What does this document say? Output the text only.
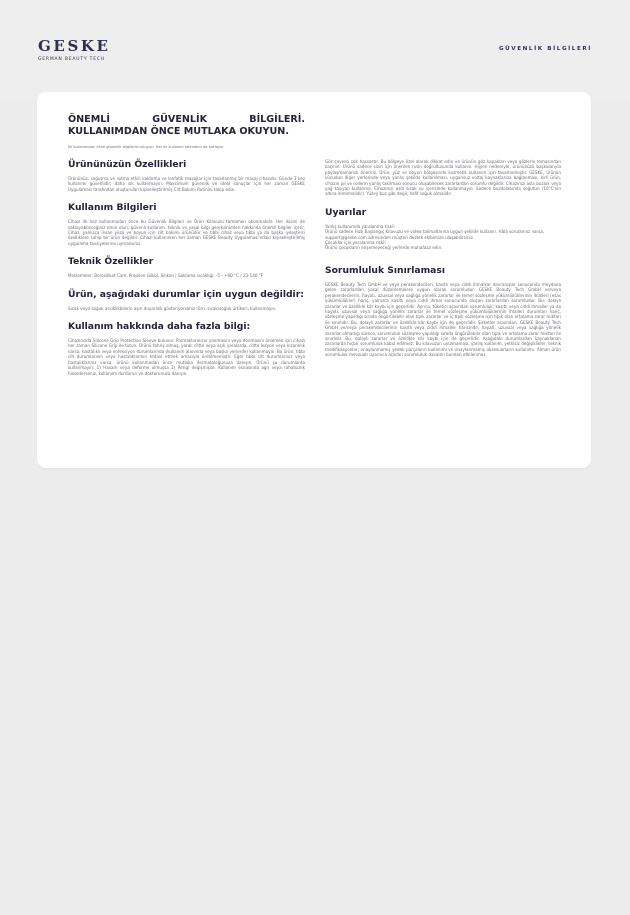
GESKE
GERMAN BEAUTY TECH
GÜVENLİK BİLGİLERİ
ÖNEMLİ GÜVENLİK BİLGİLERİ. KULLANIMDAN ÖNCE MUTLAKA OKUYUN.

İlk kullanımdan önce güvenlik bilgilerini okuyun. Her iki kullanım talimatını da saklayın.

Ürününüzün Özellikleri

Ürününüz, soğutma ve ısıtma etkili kaldırma ve lenfatik masajlar için tasarlanmış bir masaj cihazıdır. Günde 3 kez kullanımı güvenlidir; daha sık kullanmayın. Maksimum güvenlik ve ideal sonuçlar için her zaman GESKE Uygulaması tarafından oluşturulan kişiselleştirilmiş Cilt Bakımı Rutinini takip edin.

Kullanım Bilgileri

Cihazı ilk kez kullanmadan önce bu Güvenlik Bilgileri ve Ürün Kılavuzu tamamen okunmalıdır. Her ikisini de saklayabileceğiniz emin olun; güvenli kullanım, teknik ve yasal bilgi gereksinimleri hakkında önemli bilgiler içerir. Cihaz, yalnızca insan yüzü ve boyun için cilt bakımı ürünüdür ve tıbbi cihaz veya tıbbi ya da başka iyileştirici özelliklere sahip bir ürün değildir. Cihazı kullanırken her zaman GESKE Beauty Uygulaması'ndaki kişiselleştirilmiş uygulama tavsiyelerine uymalısınız.

Teknik Özellikler

Malzemeler: Borosilikat Cam, Propilen Glikol, Silikon | Saklama sıcaklığı: -5 - +60 °C / 23-140 °F

Ürün, aşağıdaki durumlar için uygun değildir:

Sıcak veya soğuk assiklikbilerin aşırı duyarlılık gösteriyorsanız (örn. sıcak/soğuk ürtiker), kullanmayın.

Kullanım hakkında daha fazla bilgi:

Cihazınızda Silicone Grip Protection Sleeve bulunur. Parmaklarınızın yanmasını veya donmasını önlemek için cihazı her zaman Silicone Grip ile tutun. Ürünü tahriş olmuş, yaralı ciltte veya açık yaralarda, ciltte lezyon veya kızarıklık varsa, hastalıklı veya enfeksiyon durumlarında (kullanım alanında veya başka yerlerde) kullanmayın. Bu ürün, tıbbi cilt durumlarının veya hastalıklarının tedavi etmek amacıyla üretilmemiştir. Eğer tıbbi cilt durumlarınız veya hastalıklarınız varsa, ürünü kullanmadan önce mutlaka dermatoloğunuza danışın. Ürünü şu durumlarda kullanmayın: 1) Hasarlı veya deforme olmuşsa 2) Rengi değişmişse. Kullanım esnasında ağrı veya rahatsızlık hissederseniz, kullanımı durdurun ve doktorunuza danışın.

Göz çevresi çok hassastır. Bu bölgeye özel olarak dikkat edin ve ürünün göz kapakları veya gözlerle temasından kaçının. Ürünü sadece sizin için önerilen rutin doğrultusunda kullanın. Hijyen nedeniyle, ürününüzü başkalarıyla paylaşmamanızı öneririz. Ürün, yüz ve boyun bölgesinde kozmetik kullanım için tasarlanmıştır. GESKE, ürünün vücudun diğer yerlerinde veya yanlış şekilde kullanılması, uygunsuz voltaj kaynaklarına bağlanması, kirli ürün, cihazın pil ve rollerin yanlış takılması sonucu oluşabilecek zararlardan sorumlu değildir. Cihazınızı asla buzluk veya yağ taşıyan kullanma. Cihazınızı asla sıcak su içerisinde kullanmayın. Sadece buzdolabında soğutun (10°C'nin altına inmemelidir). Yüzey buz gibi değil, hafif soğuk olmalıdır.

Uyarılar

Yanlış kullanımda yaralanma riski!

Ürünü sadece Hızlı Başlangıç Kılavuzu ve video talimatlarına uygun şekilde kullanın. Hâlâ sorularınız varsa, support@geske.com adresinden müşteri destek ekibimize ulaşabilirsiniz.

Çocuklar için yaralanma riski!

Ürünü çocukların erişemeyeceği yerlerde muhafaza edin.

Sorumluluk Sınırlaması

GESKE Beauty Tech GmbH ve veya perakendecileri, kasıtlı veya ciddi ihmalkar davranışlar sonucunda meydana gelen zararlardan yasal düzenlemelere uygun olarak sorumludur. GESKE Beauty Tech GmbH ve/veya perakendecilerin, hayati, uzuvsal veya sağlığa yönelik zararlar ile temel sözleşme yükümlülüklerinin ihlalleri (esas yükümlülükler) hariç, yalnızca kasıtlı veya ciddi ihmal sonucunda oluşan zararlardan sorumludur. Bu, dolaylı zararlar ve özellikle kâr kaybı için geçerlidir. Ayrıca, tüketici açısından sorumluluk; kasıtlı veya ciddi ihmaller ya da hayati, uzuvsal veya sağlığa yönelik zararlar ile temel sözleşme yükümlülüklerinin ihlalleri durumları hariç, sözleşme yapıldığı sırada öngörülebilir olan tipik zararlar ve iç tipik sözleşme için tipik olan ortalama zarar miktarı ile sınırlıdır. Bu, dolaylı zararlar ve özellikle kâr kaybı için de geçerlidir. Şirketler açısından, GESKE Beauty Tech GmbH ve/veya perakendecilerinin kasıtlı veya ciddi ihmaller haricinde, hayati, uzuvsal veya sağlığa yönelik zararlar olmadığı sürece, sorumluluk sözleşme yapıldığı sırada öngörülebilir olan tipik ve ortalama zarar miktarı ile sınırlıdır. Bu, dolaylı zararlar ve özellikle kâr kaybı için de geçerlidir. Aşağıdaki durumlardan kaynaklanan zararlarda hiçbir sorumluluk kabul edilmez: Bu kılavuzun uyulmaması, yanlış kullanım, yetkisiz değişiklikler, teknik modifikasyonlar, onaylanmamış yedek parçaların kullanımı ve onaylanmamış aksesuarların kullanımı. Alman ürün sorumluluk mevzuatı uyarınca açıkları sorumluluk davaları bundan etkilenmez.
